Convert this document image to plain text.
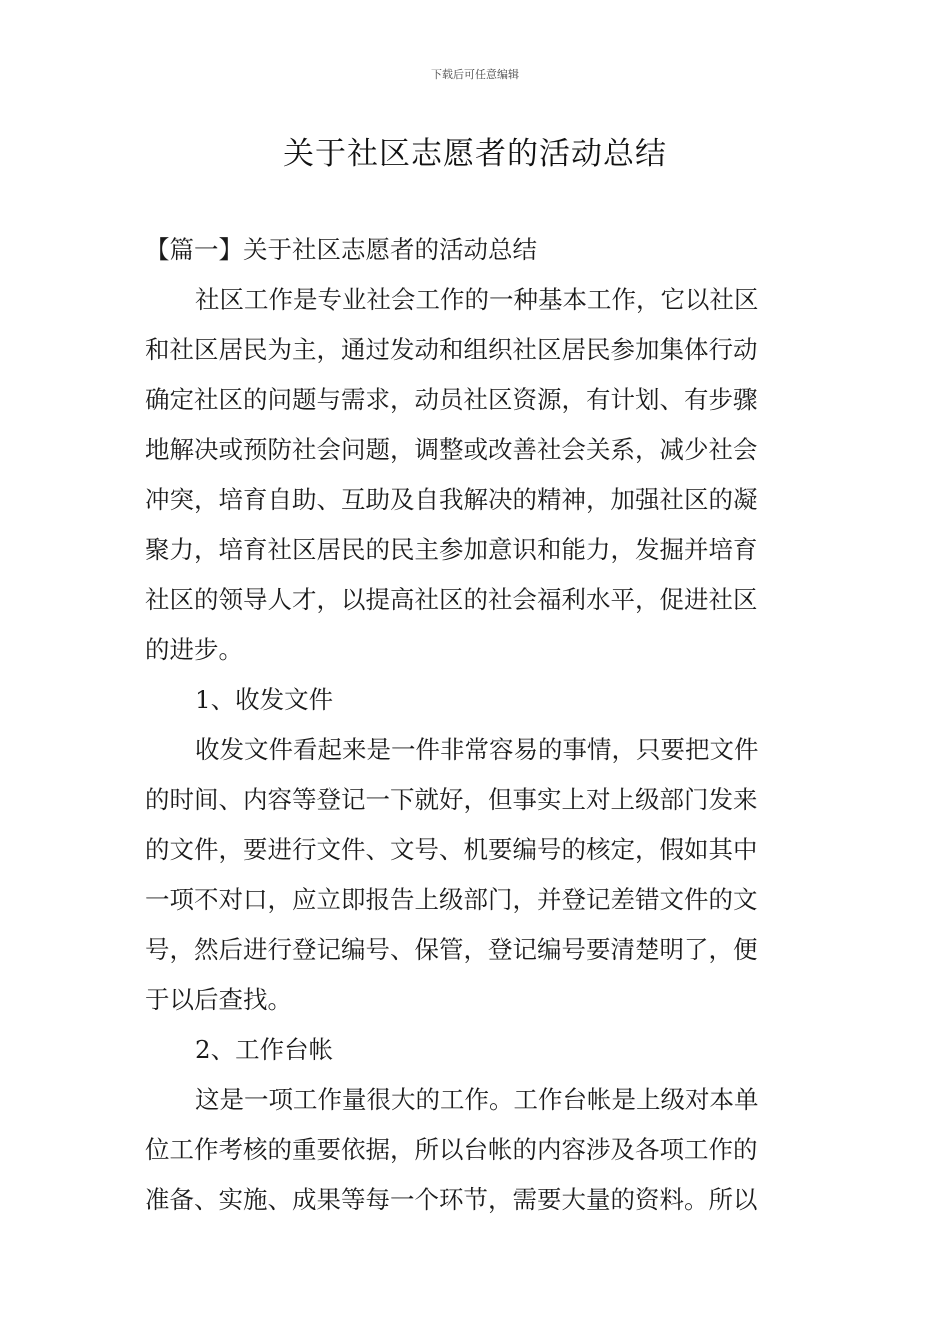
下载后可任意编辑
关于社区志愿者的活动总结
【篇一】关于社区志愿者的活动总结
社区工作是专业社会工作的一种基本工作，它以社区
和社区居民为主，通过发动和组织社区居民参加集体行动
确定社区的问题与需求，动员社区资源，有计划、有步骤
地解决或预防社会问题，调整或改善社会关系，减少社会
冲突，培育自助、互助及自我解决的精神，加强社区的凝
聚力，培育社区居民的民主参加意识和能力，发掘并培育
社区的领导人才，以提高社区的社会福利水平，促进社区
的进步。
1、收发文件
收发文件看起来是一件非常容易的事情，只要把文件
的时间、内容等登记一下就好，但事实上对上级部门发来
的文件，要进行文件、文号、机要编号的核定，假如其中
一项不对口，应立即报告上级部门，并登记差错文件的文
号，然后进行登记编号、保管，登记编号要清楚明了，便
于以后查找。
2、工作台帐
这是一项工作量很大的工作。工作台帐是上级对本单
位工作考核的重要依据，所以台帐的内容涉及各项工作的
准备、实施、成果等每一个环节，需要大量的资料。所以
